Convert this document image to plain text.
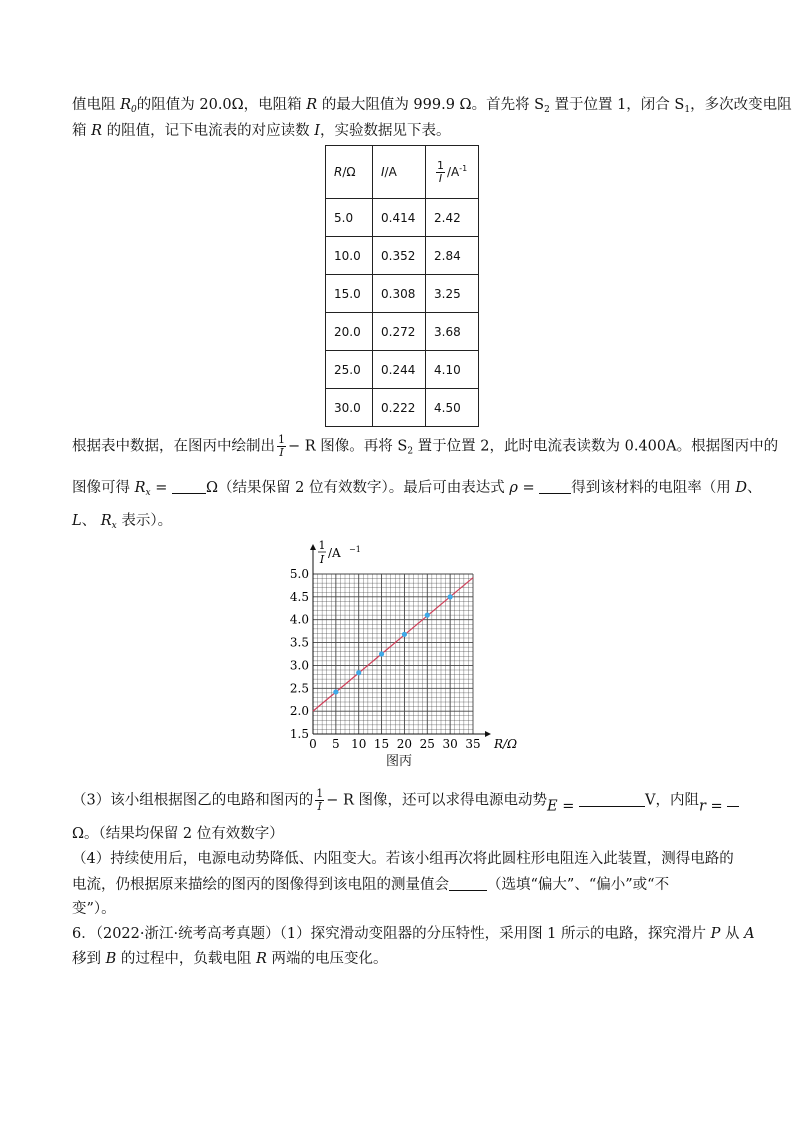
值电阻 $R_0$的阻值为 20.0Ω，电阻箱 R 的最大阻值为 999.9 Ω。首先将 $S_2$ 置于位置 1，闭合 $S_1$，多次改变电阻
箱 R 的阻值，记下电流表的对应读数 I，实验数据见下表。
R/Ω	I/A	$\frac{1}{I} /A^{-1}$
5.0	0.414	2.42
10.0	0.352	2.84
15.0	0.308	3.25
20.0	0.272	3.68
25.0	0.244	4.10
30.0	0.222	4.50
根据表中数据，在图丙中绘制出 $\frac{1}{I} - R$ 图像。再将 $S_2$ 置于位置 2，此时电流表读数为 0.400A。根据图丙中的
图像可得 $R_x = \Omega$（结果保留 2 位有效数字）。最后可由表达式 ρ = 得到该材料的电阻率（用 D、
L、 $R_x$ 表示）。
0 5 10 15 20 25 30 35
1.5
2.0
2.5
3.0
3.5
4.0
4.5
5.0
R/Ω
1
I /A −1
图丙
（3）该小组根据图乙的电路和图丙的 $\frac{1}{I} - R$ 图像，还可以求得电源电动势E =	V，内阻r =
Ω。（结果均保留 2 位有效数字）
（4）持续使用后，电源电动势降低、内阻变大。若该小组再次将此圆柱形电阻连入此装置，测得电路的
电流，仍根据原来描绘的图丙的图像得到该电阻的测量值会	（选填“偏大”、“偏小”或“不
变”）。
6．（2022·浙江·统考高考真题）（1）探究滑动变阻器的分压特性，采用图 1 所示的电路，探究滑片 P 从 A
移到 B 的过程中，负载电阻 R 两端的电压变化。
